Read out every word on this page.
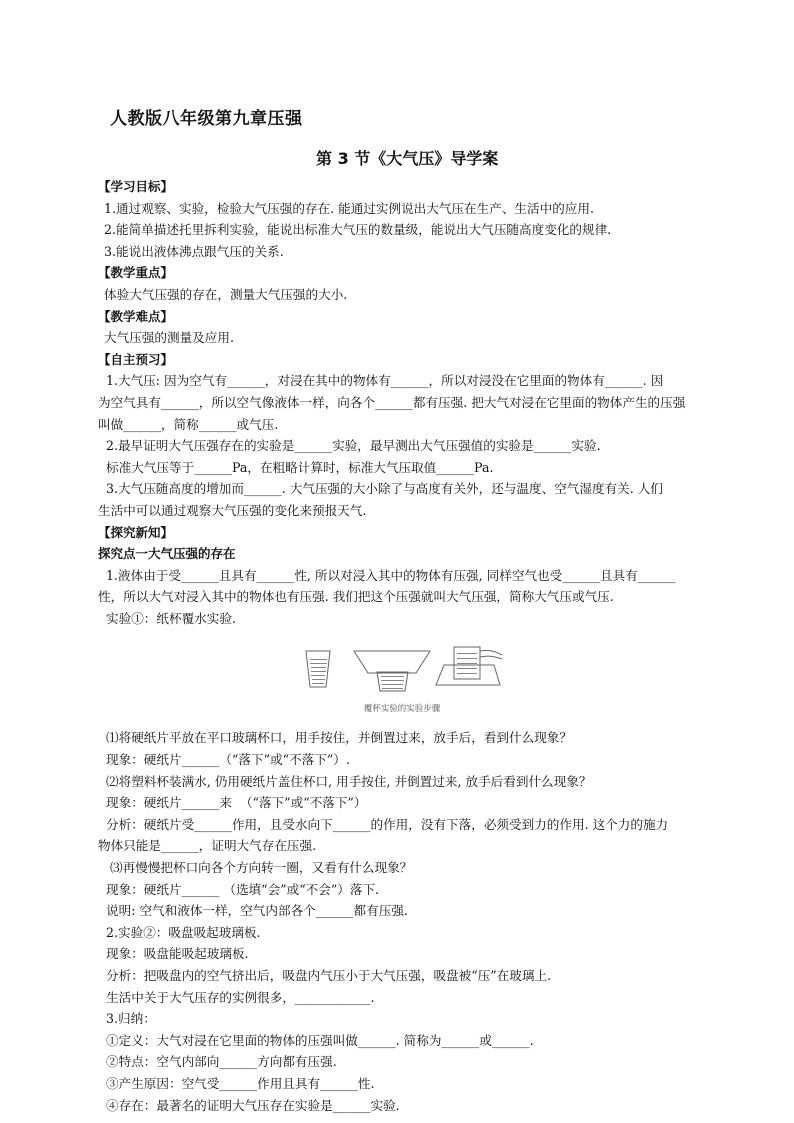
人教版八年级第九章压强
第 3 节《大气压》导学案
【学习目标】
1.通过观察、实验，检验大气压强的存在. 能通过实例说出大气压在生产、生活中的应用.
2.能简单描述托里拆利实验，能说出标准大气压的数量级，能说出大气压随高度变化的规律.
3.能说出液体沸点跟气压的关系.
【教学重点】
体验大气压强的存在，测量大气压强的大小.
【教学难点】
大气压强的测量及应用.
【自主预习】
1.大气压: 因为空气有______，对浸在其中的物体有______，所以对浸没在它里面的物体有______. 因
为空气具有______，所以空气像液体一样，向各个______都有压强. 把大气对浸在它里面的物体产生的压强
叫做______，简称______或气压.
2.最早证明大气压强存在的实验是______实验，最早测出大气压强值的实验是______实验.
标准大气压等于______Pa，在粗略计算时，标准大气压取值______Pa.
3.大气压随高度的增加而______. 大气压强的大小除了与高度有关外，还与温度、空气湿度有关. 人们
生活中可以通过观察大气压强的变化来预报天气.
【探究新知】
探究点一大气压强的存在
1.液体由于受______且具有______性, 所以对浸入其中的物体有压强, 同样空气也受______且具有______
性，所以大气对浸入其中的物体也有压强. 我们把这个压强就叫大气压强，简称大气压或气压.
实验①：纸杯覆水实验.
覆杯实验的实验步骤
⑴将硬纸片平放在平口玻璃杯口，用手按住，并倒置过来，放手后，看到什么现象？
现象：硬纸片______（“落下”或“不落下”）.
⑵将塑料杯装满水, 仍用硬纸片盖住杯口, 用手按住, 并倒置过来, 放手后看到什么现象？
现象：硬纸片______来  （“落下”或“不落下”）
分析：硬纸片受______作用，且受水向下______的作用，没有下落，必须受到力的作用. 这个力的施力
物体只能是______，证明大气存在压强.
⑶再慢慢把杯口向各个方向转一圈，又看有什么现象？
现象：硬纸片______ （选填“会”或“不会”）落下.
说明: 空气和液体一样，空气内部各个______都有压强.
2.实验②：吸盘吸起玻璃板.
现象：吸盘能吸起玻璃板.
分析：把吸盘内的空气挤出后，吸盘内气压小于大气压强，吸盘被“压”在玻璃上.
生活中关于大气压存的实例很多，____________.
3.归纳：
①定义：大气对浸在它里面的物体的压强叫做______. 简称为______或______.
②特点：空气内部向______方向都有压强.
③产生原因：空气受______作用且具有______性.
④存在：最著名的证明大气压存在实验是______实验.
